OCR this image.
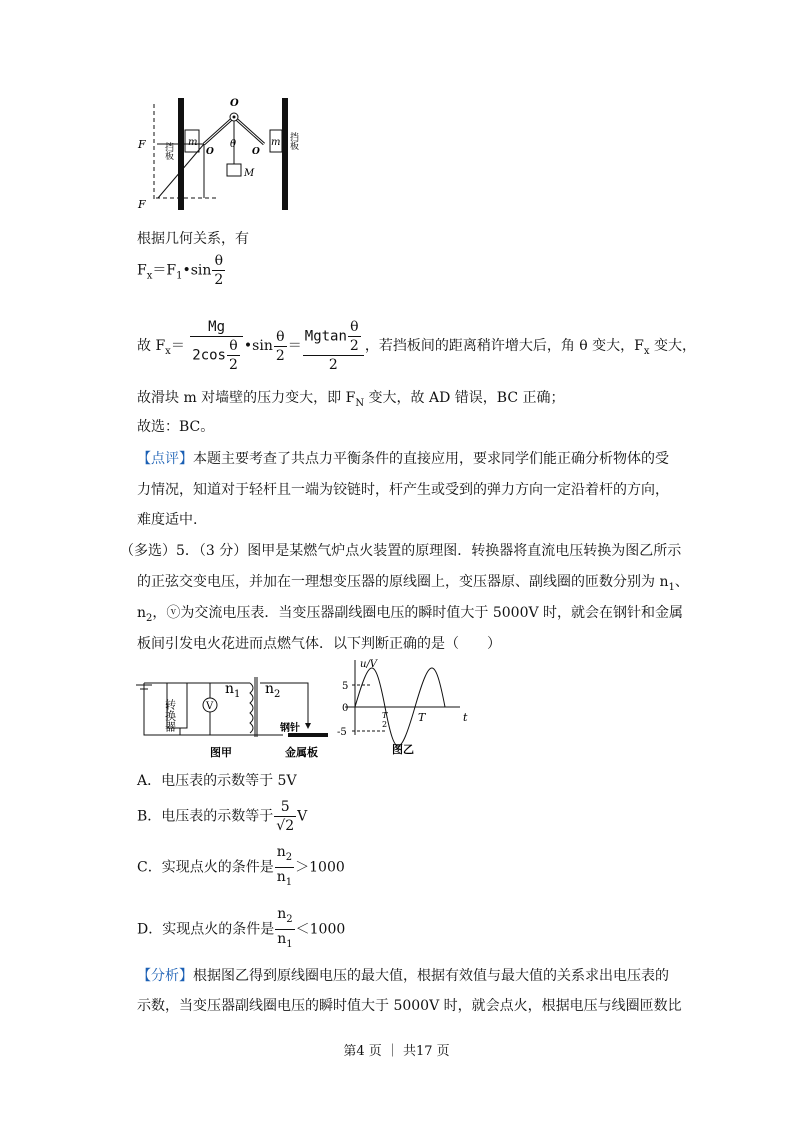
O
θ
m	m
M
O	O
F
F
挡板
挡板
根据几何关系，有
$F_x=F_1•\sin \frac{\theta}{2}$
故 $F_x= \frac{Mg}{2\cos \frac{\theta}{2}}$ •sin $\frac{\theta}{2} = \frac{Mgtan \frac{\theta}{2}}{2}$ ，若挡板间的距离稍许增大后，角 θ 变大，$F_x$ 变大，
故滑块 m 对墙壁的压力变大，即 $F_N$ 变大，故 AD 错误，BC 正确；
故选：BC。
【点评】本题主要考查了共点力平衡条件的直接应用，要求同学们能正确分析物体的受
力情况，知道对于轻杆且一端为铰链时，杆产生或受到的弹力方向一定沿着杆的方向，
难度适中.
（多选）5．（3 分）图甲是某燃气炉点火装置的原理图．转换器将直流电压转换为图乙所示
的正弦交变电压，并加在一理想变压器的原线圈上，变压器原、副线圈的匝数分别为 $n_1$、
$n_2$，ⓥ为交流电压表．当变压器副线圈电压的瞬时值大于 5000V 时，就会在钢针和金属
板间引发电火花进而点燃气体．以下判断正确的是（　　）
转换器	V
n 1 n 2
钢针
金属板
图甲
u/V
5
0
-5
T
2
T	t
图乙
A．电压表的示数等于 5V
B．电压表的示数等于 $\frac{5}{√2}$ V
C．实现点火的条件是 $\frac{n_2}{n_1} >1000$
D．实现点火的条件是 $\frac{n_2}{n_1} <1000$
【分析】根据图乙得到原线圈电压的最大值，根据有效值与最大值的关系求出电压表的
示数，当变压器副线圈电压的瞬时值大于 5000V 时，就会点火，根据电压与线圈匝数比
第4 页 ｜ 共17 页
